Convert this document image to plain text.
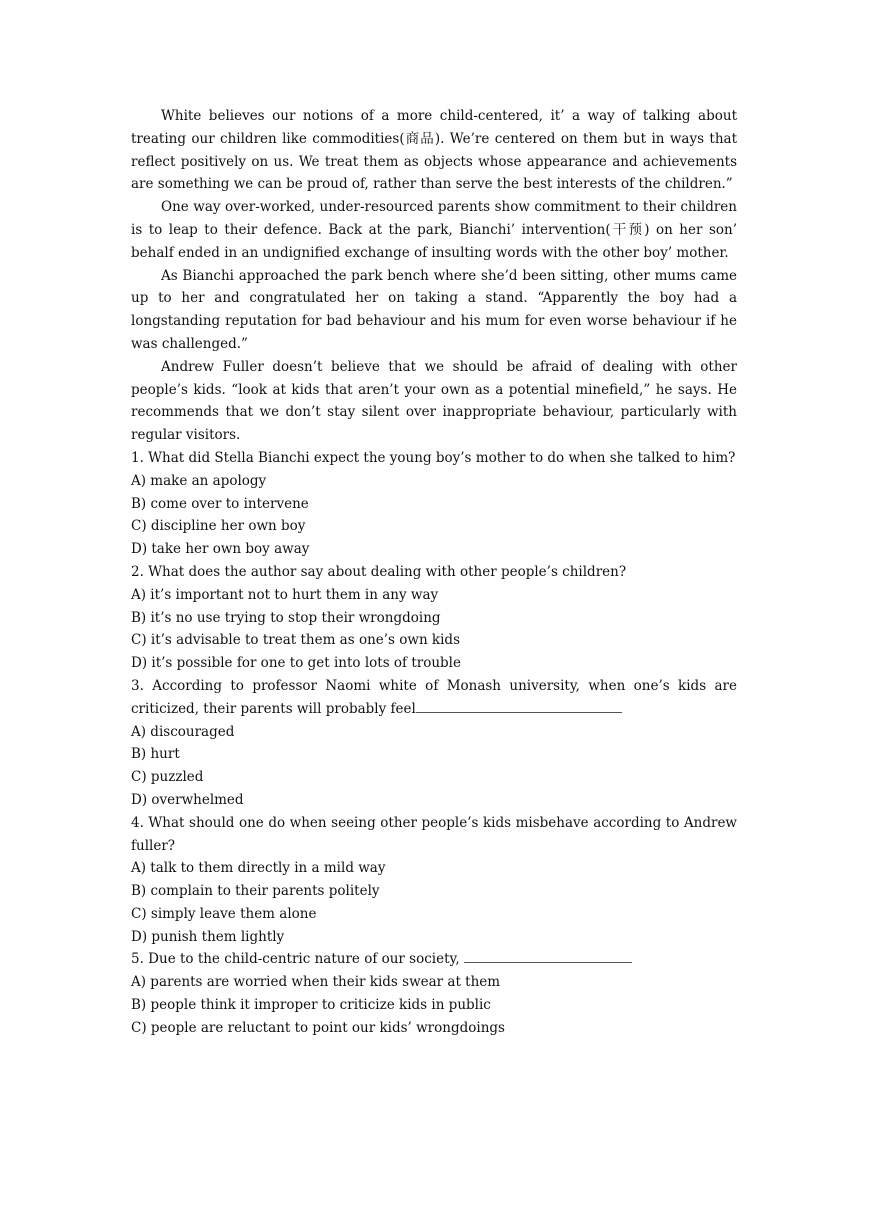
White believes our notions of a more child-centered, it’ a way of talking about treating our children like commodities(商品). We’re centered on them but in ways that reflect positively on us. We treat them as objects whose appearance and achievements are something we can be proud of, rather than serve the best interests of the children.”

One way over-worked, under-resourced parents show commitment to their children is to leap to their defence. Back at the park, Bianchi’ intervention(干预) on her son’ behalf ended in an undignified exchange of insulting words with the other boy’ mother.

As Bianchi approached the park bench where she’d been sitting, other mums came up to her and congratulated her on taking a stand. “Apparently the boy had a longstanding reputation for bad behaviour and his mum for even worse behaviour if he was challenged.”

Andrew Fuller doesn’t believe that we should be afraid of dealing with other people’s kids. “look at kids that aren’t your own as a potential minefield,” he says. He recommends that we don’t stay silent over inappropriate behaviour, particularly with regular visitors.

1. What did Stella Bianchi expect the young boy’s mother to do when she talked to him?

A) make an apology

B) come over to intervene

C) discipline her own boy

D) take her own boy away

2. What does the author say about dealing with other people’s children?

A) it’s important not to hurt them in any way

B) it’s no use trying to stop their wrongdoing

C) it’s advisable to treat them as one’s own kids

D) it’s possible for one to get into lots of trouble

3. According to professor Naomi white of Monash university, when one’s kids are criticized, their parents will probably feel

A) discouraged

B) hurt

C) puzzled

D) overwhelmed

4. What should one do when seeing other people’s kids misbehave according to Andrew fuller?

A) talk to them directly in a mild way

B) complain to their parents politely

C) simply leave them alone

D) punish them lightly

5. Due to the child-centric nature of our society,

A) parents are worried when their kids swear at them

B) people think it improper to criticize kids in public

C) people are reluctant to point our kids’ wrongdoings
